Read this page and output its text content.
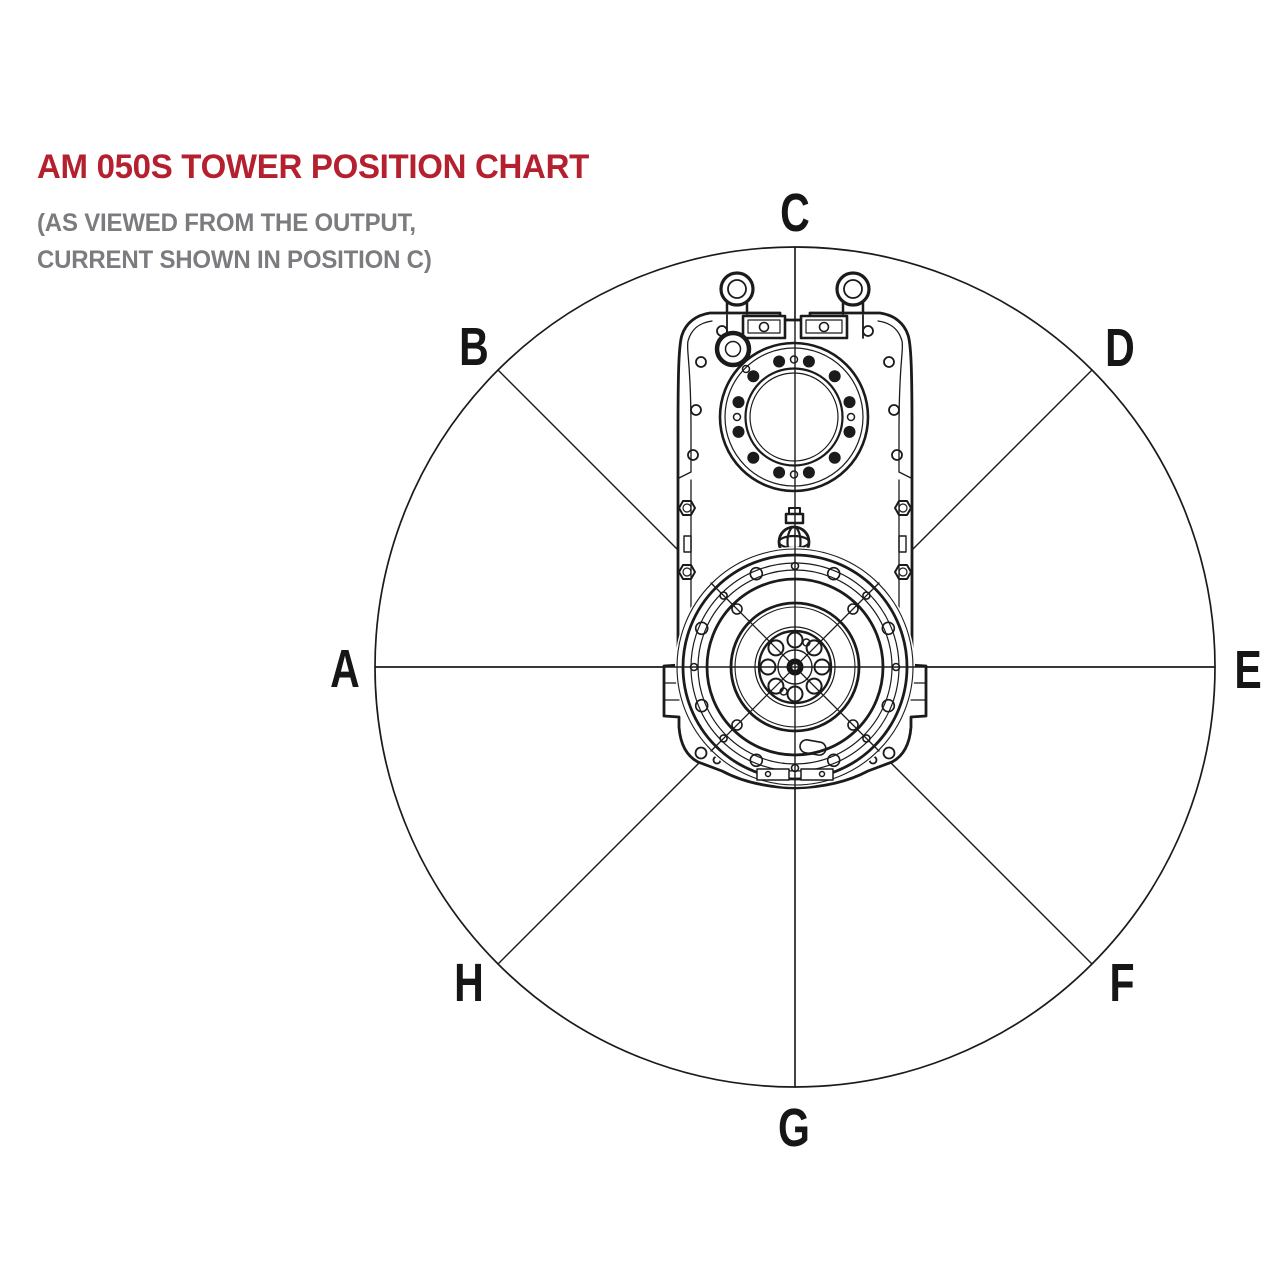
AM 050S TOWER POSITION CHART
(AS VIEWED FROM THE OUTPUT,
CURRENT SHOWN IN POSITION C)
A
B
C
D
E
F
G
H
